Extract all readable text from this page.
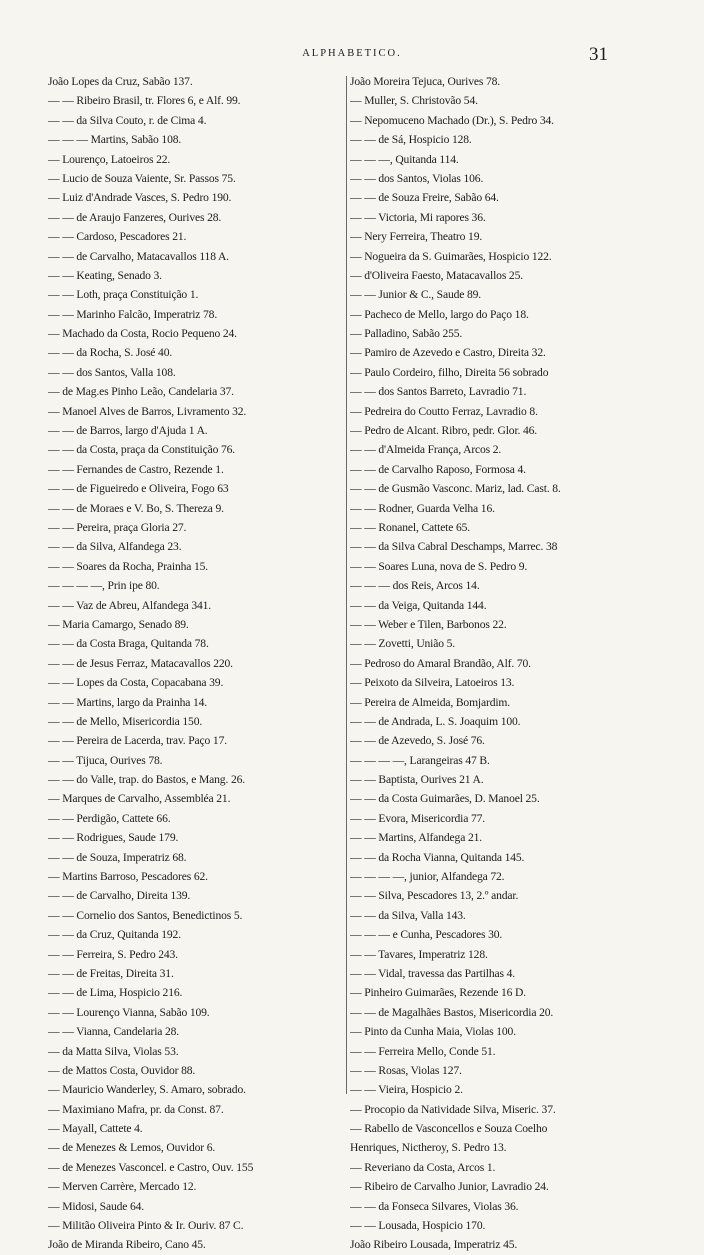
ALPHABETICO.	31
João Lopes da Cruz, Sabão 137.
— — Ribeiro Brasil, tr. Flores 6, e Alf. 99.
— — da Silva Couto, r. de Cima 4.
— — — Martins, Sabão 108.
— Lourenço, Latoeiros 22.
— Lucio de Souza Vaiente, Sr. Passos 75.
— Luiz d'Andrade Vasces, S. Pedro 190.
— — de Araujo Fanzeres, Ourives 28.
— — Cardoso, Pescadores 21.
— — de Carvalho, Matacavallos 118 A.
— — Keating, Senado 3.
— — Loth, praça Constituição 1.
— — Marinho Falcão, Imperatriz 78.
— Machado da Costa, Rocio Pequeno 24.
— — da Rocha, S. José 40.
— — dos Santos, Valla 108.
— de Mag.es Pinho Leão, Candelaria 37.
— Manoel Alves de Barros, Livramento 32.
— — de Barros, largo d'Ajuda 1 A.
— — da Costa, praça da Constituição 76.
— — Fernandes de Castro, Rezende 1.
— — de Figueiredo e Oliveira, Fogo 63
— — de Moraes e V. Bo, S. Thereza 9.
— — Pereira, praça Gloria 27.
— — da Silva, Alfandega 23.
— — Soares da Rocha, Prainha 15.
— — — —, Prin ipe 80.
— — Vaz de Abreu, Alfandega 341.
— Maria Camargo, Senado 89.
— — da Costa Braga, Quitanda 78.
— — de Jesus Ferraz, Matacavallos 220.
— — Lopes da Costa, Copacabana 39.
— — Martins, largo da Prainha 14.
— — de Mello, Misericordia 150.
— — Pereira de Lacerda, trav. Paço 17.
— — Tijuca, Ourives 78.
— — do Valle, trap. do Bastos, e Mang. 26.
— Marques de Carvalho, Assembléa 21.
— — Perdigão, Cattete 66.
— — Rodrigues, Saude 179.
— — de Souza, Imperatriz 68.
— Martins Barroso, Pescadores 62.
— — de Carvalho, Direita 139.
— — Cornelio dos Santos, Benedictinos 5.
— — da Cruz, Quitanda 192.
— — Ferreira, S. Pedro 243.
— — de Freitas, Direita 31.
— — de Lima, Hospicio 216.
— — Lourenço Vianna, Sabão 109.
— — Vianna, Candelaria 28.
— da Matta Silva, Violas 53.
— de Mattos Costa, Ouvidor 88.
— Mauricio Wanderley, S. Amaro, sobrado.
— Maximiano Mafra, pr. da Const. 87.
— Mayall, Cattete 4.
— de Menezes & Lemos, Ouvidor 6.
— de Menezes Vasconcel. e Castro, Ouv. 155
— Merven Carrère, Mercado 12.
— Midosi, Saude 64.
— Militão Oliveira Pinto & Ir. Ouriv. 87 C.
João de Miranda Ribeiro, Cano 45.
João Moreira Tejuca, Ourives 78.
— Muller, S. Christovão 54.
— Nepomuceno Machado (Dr.), S. Pedro 34.
— — de Sá, Hospicio 128.
— — —, Quitanda 114.
— — dos Santos, Violas 106.
— — de Souza Freire, Sabão 64.
— — Victoria, Mi rapores 36.
— Nery Ferreira, Theatro 19.
— Nogueira da S. Guimarães, Hospicio 122.
— d'Oliveira Faesto, Matacavallos 25.
— — Junior & C., Saude 89.
— Pacheco de Mello, largo do Paço 18.
— Palladino, Sabão 255.
— Pamiro de Azevedo e Castro, Direita 32.
— Paulo Cordeiro, filho, Direita 56 sobrado
— — dos Santos Barreto, Lavradio 71.
— Pedreira do Coutto Ferraz, Lavradio 8.
— Pedro de Alcant. Ribro, pedr. Glor. 46.
— — d'Almeida França, Arcos 2.
— — de Carvalho Raposo, Formosa 4.
— — de Gusmão Vasconc. Mariz, lad. Cast. 8.
— — Rodner, Guarda Velha 16.
— — Ronanel, Cattete 65.
— — da Silva Cabral Deschamps, Marrec. 38
— — Soares Luna, nova de S. Pedro 9.
— — — dos Reis, Arcos 14.
— — da Veiga, Quitanda 144.
— — Weber e Tilen, Barbonos 22.
— — Zovetti, União 5.
— Pedroso do Amaral Brandão, Alf. 70.
— Peixoto da Silveira, Latoeiros 13.
— Pereira de Almeida, Bomjardim.
— — de Andrada, L. S. Joaquim 100.
— — de Azevedo, S. José 76.
— — — —, Larangeiras 47 B.
— — Baptista, Ourives 21 A.
— — da Costa Guimarães, D. Manoel 25.
— — Evora, Misericordia 77.
— — Martins, Alfandega 21.
— — da Rocha Vianna, Quitanda 145.
— — — —, junior, Alfandega 72.
— — Silva, Pescadores 13, 2.º andar.
— — da Silva, Valla 143.
— — — e Cunha, Pescadores 30.
— — Tavares, Imperatriz 128.
— — Vidal, travessa das Partilhas 4.
— Pinheiro Guimarães, Rezende 16 D.
— — de Magalhães Bastos, Misericordia 20.
— Pinto da Cunha Maia, Violas 100.
— — Ferreira Mello, Conde 51.
— — Rosas, Violas 127.
— — Vieira, Hospicio 2.
— Procopio da Natividade Silva, Miseric. 37.
— Rabello de Vasconcellos e Souza Coelho
Henriques, Nictheroy, S. Pedro 13.
— Reveriano da Costa, Arcos 1.
— Ribeiro de Carvalho Junior, Lavradio 24.
— — da Fonseca Silvares, Violas 36.
— — Lousada, Hospicio 170.
João Ribeiro Lousada, Imperatriz 45.
